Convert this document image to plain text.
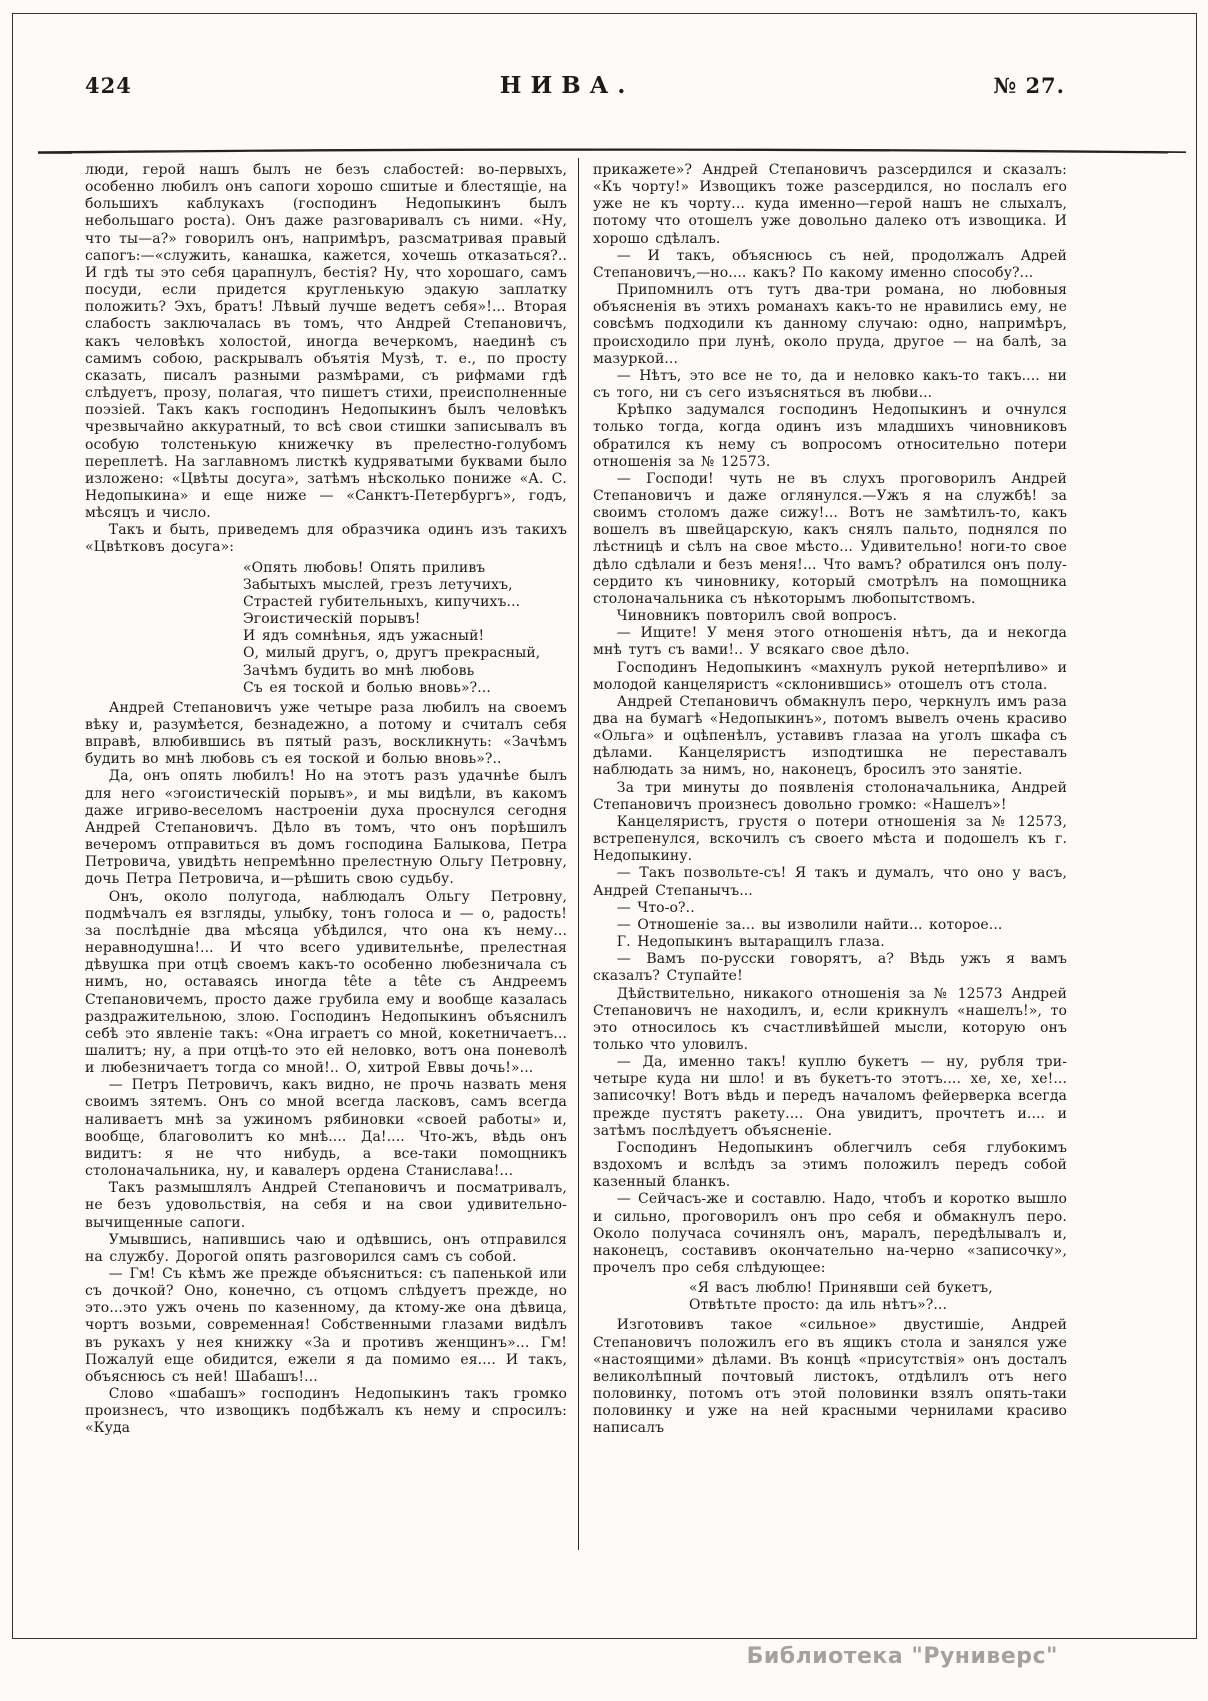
424	НИВА.	№ 27.

люди, герой нашъ былъ не безъ слабостей: во-первыхъ, особенно любилъ онъ сапоги хорошо сшитые и блестящіе, на большихъ каблукахъ (господинъ Недопыкинъ былъ небольшаго роста). Онъ даже разговаривалъ съ ними. «Ну, что ты—а?» говорилъ онъ, напримѣръ, разсматривая правый сапогъ:—«служить, канашка, кажется, хочешь отказаться?.. И гдѣ ты это себя царапнулъ, бестія? Ну, что хорошаго, самъ посуди, если придется кругленькую эдакую заплатку положить? Эхъ, братъ! Лѣвый лучше ведетъ себя»!... Вторая слабость заключалась въ томъ, что Андрей Степановичъ, какъ человѣкъ холостой, иногда вечеркомъ, наединѣ съ самимъ собою, раскрывалъ объятія Музѣ, т. е., по просту сказать, писалъ разными размѣрами, съ рифмами гдѣ слѣдуетъ, прозу, полагая, что пишетъ стихи, преисполненные поэзіей. Такъ какъ господинъ Недопыкинъ былъ человѣкъ чрезвычайно аккуратный, то всѣ свои стишки записывалъ въ особую толстенькую книжечку въ прелестно-голубомъ переплетѣ. На заглавномъ листкѣ кудряватыми буквами было изложено: «Цвѣты досуга», затѣмъ нѣсколько пониже «А. С. Недопыкина» и еще ниже — «Санктъ-Петербургъ», годъ, мѣсяцъ и число.

Такъ и быть, приведемъ для образчика одинъ изъ такихъ «Цвѣтковъ досуга»:

«Опять любовь! Опять приливъ
Забытыхъ мыслей, грезъ летучихъ,
Страстей губительныхъ, кипучихъ...
Эгоистическій порывъ!
И ядъ сомнѣнья, ядъ ужасный!
О, милый другъ, о, другъ прекрасный,
Зачѣмъ будить во мнѣ любовь
Съ ея тоской и болью вновь»?...

Андрей Степановичъ уже четыре раза любилъ на своемъ вѣку и, разумѣется, безнадежно, а потому и считалъ себя вправѣ, влюбившись въ пятый разъ, воскликнуть: «Зачѣмъ будить во мнѣ любовь съ ея тоской и болью вновь»?..

Да, онъ опять любилъ! Но на этотъ разъ удачнѣе былъ для него «эгоистическій порывъ», и мы видѣли, въ какомъ даже игриво-веселомъ настроеніи духа проснулся сегодня Андрей Степановичъ. Дѣло въ томъ, что онъ порѣшилъ вечеромъ отправиться въ домъ господина Балыкова, Петра Петровича, увидѣть непремѣнно прелестную Ольгу Петровну, дочь Петра Петровича, и—рѣшить свою судьбу.

Онъ, около полугода, наблюдалъ Ольгу Петровну, подмѣчалъ ея взгляды, улыбку, тонъ голоса и — о, радость! за послѣдніе два мѣсяца убѣдился, что она къ нему... неравнодушна!... И что всего удивительнѣе, прелестная дѣвушка при отцѣ своемъ какъ-то особенно любезничала съ нимъ, но, оставаясь иногда tête a tête съ Андреемъ Степановичемъ, просто даже грубила ему и вообще казалась раздражительною, злою. Господинъ Недопыкинъ объяснилъ себѣ это явленіе такъ: «Она играетъ со мной, кокетничаетъ... шалитъ; ну, а при отцѣ-то это ей неловко, вотъ она поневолѣ и любезничаетъ тогда со мной!.. О, хитрой Еввы дочь!»...

— Петръ Петровичъ, какъ видно, не прочь назвать меня своимъ зятемъ. Онъ со мной всегда ласковъ, самъ всегда наливаетъ мнѣ за ужиномъ рябиновки «своей работы» и, вообще, благоволитъ ко мнѣ.... Да!.... Что-жъ, вѣдь онъ видитъ: я не что нибудь, а все-таки помощникъ столоначальника, ну, и кавалеръ ордена Станислава!...

Такъ размышлялъ Андрей Степановичъ и посматривалъ, не безъ удовольствія, на себя и на свои удивительно-вычищенные сапоги.

Умывшись, напившись чаю и одѣвшись, онъ отправился на службу. Дорогой опять разговорился самъ съ собой.

— Гм! Съ кѣмъ же прежде объясниться: съ папенькой или съ дочкой? Оно, конечно, съ отцомъ слѣдуетъ прежде, но это...это ужъ очень по казенному, да ктому-же она дѣвица, чортъ возьми, современная! Собственными глазами видѣлъ въ рукахъ у нея книжку «За и противъ женщинъ»... Гм! Пожалуй еще обидится, ежели я да помимо ея.... И такъ, объяснюсь съ ней! Шабашъ!...

Слово «шабашъ» господинъ Недопыкинъ такъ громко произнесъ, что извощикъ подбѣжалъ къ нему и спросилъ: «Куда

прикажете»? Андрей Степановичъ разсердился и сказалъ: «Къ чорту!» Извощикъ тоже разсердился, но послалъ его уже не къ чорту... куда именно—герой нашъ не слыхалъ, потому что отошелъ уже довольно далеко отъ извощика. И хорошо сдѣлалъ.

— И такъ, объяснюсь съ ней, продолжалъ Адрей Степановичъ,—но.... какъ? По какому именно способу?...

Припомнилъ отъ тутъ два-три романа, но любовныя объясненія въ этихъ романахъ какъ-то не нравились ему, не совсѣмъ подходили къ данному случаю: одно, напримѣръ, происходило при лунѣ, около пруда, другое — на балѣ, за мазуркой...

— Нѣтъ, это все не то, да и неловко какъ-то такъ.... ни съ того, ни съ сего изъясняться въ любви...

Крѣпко задумался господинъ Недопыкинъ и очнулся только тогда, когда одинъ изъ младшихъ чиновниковъ обратился къ нему съ вопросомъ относительно потери отношенія за № 12573.

— Господи! чуть не въ слухъ проговорилъ Андрей Степановичъ и даже оглянулся.—Ужъ я на службѣ! за своимъ столомъ даже сижу!... Вотъ не замѣтилъ-то, какъ вошелъ въ швейцарскую, какъ снялъ пальто, поднялся по лѣстницѣ и сѣлъ на свое мѣсто... Удивительно! ноги-то свое дѣло сдѣлали и безъ меня!... Что вамъ? обратился онъ полу-сердито къ чиновнику, который смотрѣлъ на помощника столоначальника съ нѣкоторымъ любопытствомъ.

Чиновникъ повторилъ свой вопросъ.

— Ищите! У меня этого отношенія нѣтъ, да и некогда мнѣ тутъ съ вами!.. У всякаго свое дѣло.

Господинъ Недопыкинъ «махнулъ рукой нетерпѣливо» и молодой канцеляристъ «склонившись» отошелъ отъ стола.

Андрей Степановичъ обмакнулъ перо, черкнулъ имъ раза два на бумагѣ «Недопыкинъ», потомъ вывелъ очень красиво «Ольга» и оцѣпенѣлъ, уставивъ глазаа на уголъ шкафа съ дѣлами. Канцеляристъ изподтишка не переставалъ наблюдать за нимъ, но, наконецъ, бросилъ это занятіе.

За три минуты до появленія столоначальника, Андрей Степановичъ произнесъ довольно громко: «Нашелъ»!

Канцеляристъ, грустя о потери отношенія за № 12573, встрепенулся, вскочилъ съ своего мѣста и подошелъ къ г. Недопыкину.

— Такъ позвольте-съ! Я такъ и думалъ, что оно у васъ, Андрей Степанычъ...

— Что-о?..

— Отношеніе за... вы изволили найти... которое...

Г. Недопыкинъ вытаращилъ глаза.

— Вамъ по-русски говорятъ, а? Вѣдь ужъ я вамъ сказалъ? Ступайте!

Дѣйствительно, никакого отношенія за № 12573 Андрей Степановичъ не находилъ, и, если крикнулъ «нашелъ!», то это относилось къ счастливѣйшей мысли, которую онъ только что уловилъ.

— Да, именно такъ! куплю букетъ — ну, рубля три-четыре куда ни шло! и въ букетъ-то этотъ.... хе, хе, хе!... записочку! Вотъ вѣдь и передъ началомъ фейерверка всегда прежде пустятъ ракету.... Она увидитъ, прочтетъ и.... и затѣмъ послѣдуетъ объясненіе.

Господинъ Недопыкинъ облегчилъ себя глубокимъ вздохомъ и вслѣдъ за этимъ положилъ передъ собой казенный бланкъ.

— Сейчасъ-же и составлю. Надо, чтобъ и коротко вышло и сильно, проговорилъ онъ про себя и обмакнулъ перо. Около получаса сочинялъ онъ, маралъ, передѣлывалъ и, наконецъ, составивъ окончательно на-черно «записочку», прочелъ про себя слѣдующее:

«Я васъ люблю! Принявши сей букетъ,
Отвѣтьте просто: да иль нѣтъ»?...

Изготовивъ такое «сильное» двустишіе, Андрей Степановичъ положилъ его въ ящикъ стола и занялся уже «настоящими» дѣлами. Въ концѣ «присутствія» онъ досталъ великолѣпный почтовый листокъ, отдѣлилъ отъ него половинку, потомъ отъ этой половинки взялъ опять-таки половинку и уже на ней красными чернилами красиво написалъ

Библиотека "Руниверс"
